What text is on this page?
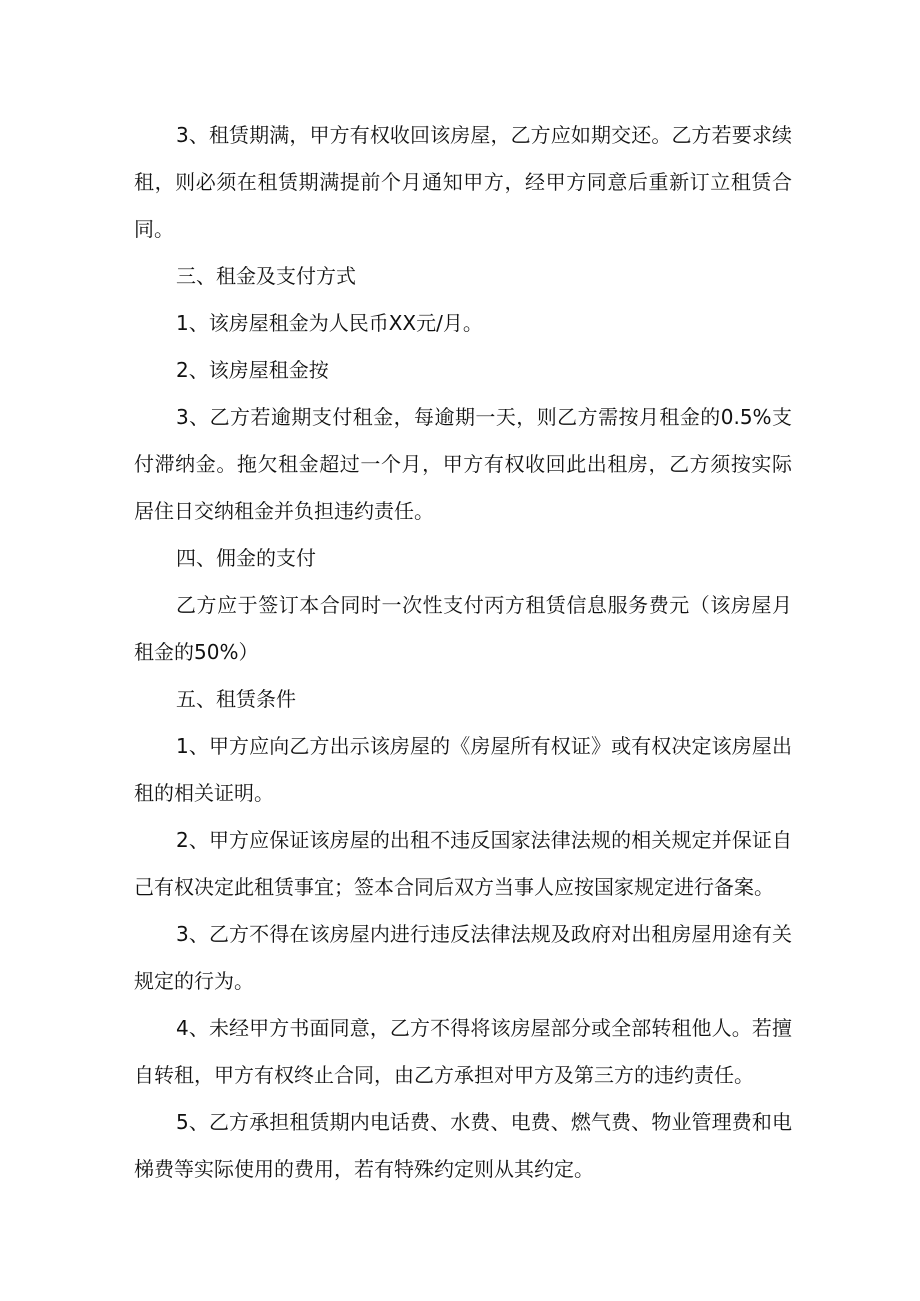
3、租赁期满，甲方有权收回该房屋，乙方应如期交还。乙方若要求续租，则必须在租赁期满提前个月通知甲方，经甲方同意后重新订立租赁合同。

三、租金及支付方式

1、该房屋租金为人民币XX元/月。

2、该房屋租金按

3、乙方若逾期支付租金，每逾期一天，则乙方需按月租金的0.5%支付滞纳金。拖欠租金超过一个月，甲方有权收回此出租房，乙方须按实际居住日交纳租金并负担违约责任。

四、佣金的支付

乙方应于签订本合同时一次性支付丙方租赁信息服务费元（该房屋月租金的50%）

五、租赁条件

1、甲方应向乙方出示该房屋的《房屋所有权证》或有权决定该房屋出租的相关证明。

2、甲方应保证该房屋的出租不违反国家法律法规的相关规定并保证自己有权决定此租赁事宜；签本合同后双方当事人应按国家规定进行备案。

3、乙方不得在该房屋内进行违反法律法规及政府对出租房屋用途有关规定的行为。

4、未经甲方书面同意，乙方不得将该房屋部分或全部转租他人。若擅自转租，甲方有权终止合同，由乙方承担对甲方及第三方的违约责任。

5、乙方承担租赁期内电话费、水费、电费、燃气费、物业管理费和电梯费等实际使用的费用，若有特殊约定则从其约定。
